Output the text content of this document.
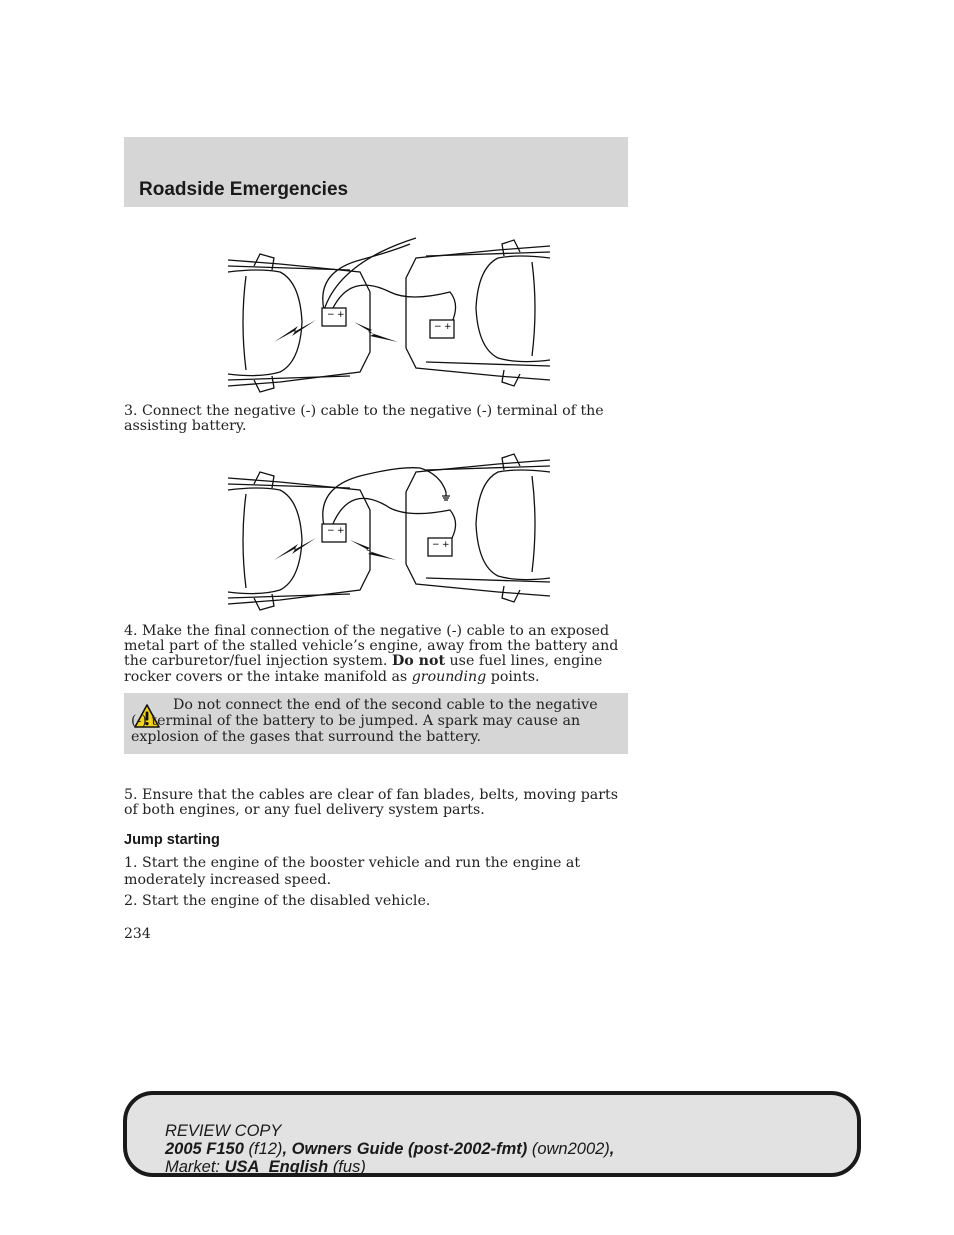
Roadside Emergencies
− +
− +

3. Connect the negative (-) cable to the negative (-) terminal of the assisting battery.

− +
− +

4. Make the final connection of the negative (-) cable to an exposed metal part of the stalled vehicle’s engine, away from the battery and the carburetor/fuel injection system. Do not use fuel lines, engine rocker covers or the intake manifold as grounding points.

Do not connect the end of the second cable to the negative (-) terminal of the battery to be jumped. A spark may cause an explosion of the gases that surround the battery.

5. Ensure that the cables are clear of fan blades, belts, moving parts of both engines, or any fuel delivery system parts.

Jump starting

1. Start the engine of the booster vehicle and run the engine at moderately increased speed.

2. Start the engine of the disabled vehicle.

234
REVIEW COPY
2005 F150 (f12), Owners Guide (post-2002-fmt) (own2002),
Market: USA_English (fus)
